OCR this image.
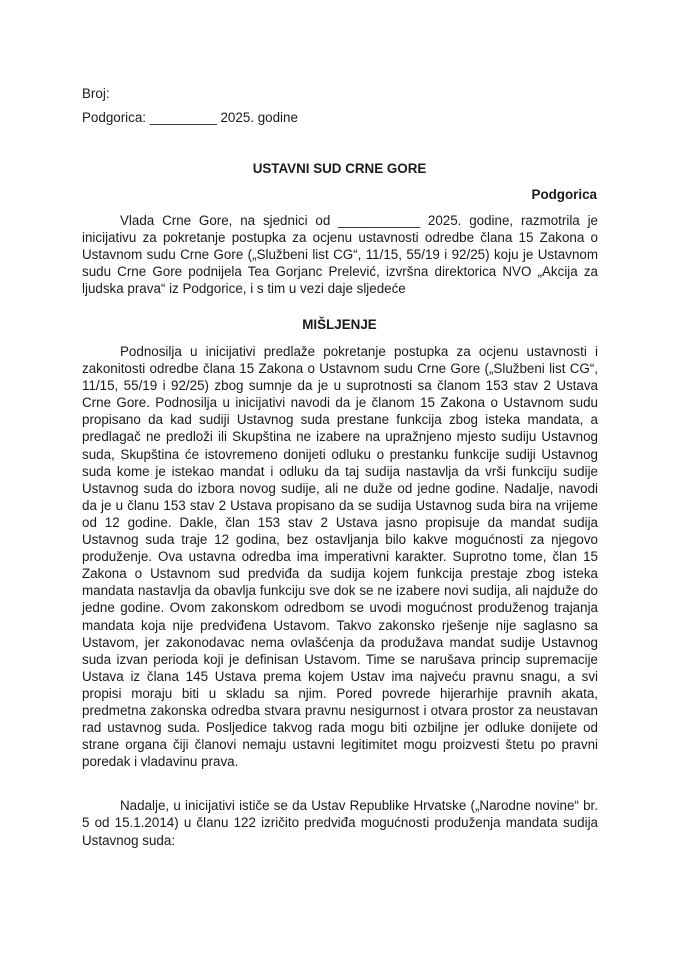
Broj:
Podgorica: _________ 2025. godine
USTAVNI SUD CRNE GORE
Podgorica
Vlada Crne Gore, na sjednici od ___________ 2025. godine, razmotrila je inicijativu za pokretanje postupka za ocjenu ustavnosti odredbe člana 15 Zakona o Ustavnom sudu Crne Gore („Službeni list CG“, 11/15, 55/19 i 92/25) koju je Ustavnom sudu Crne Gore podnijela Tea Gorjanc Prelević, izvršna direktorica NVO „Akcija za ljudska prava“ iz Podgorice, i s tim u vezi daje sljedeće
MIŠLJENJE
Podnosilja u inicijativi predlaže pokretanje postupka za ocjenu ustavnosti i zakonitosti odredbe člana 15 Zakona o Ustavnom sudu Crne Gore („Službeni list CG“, 11/15, 55/19 i 92/25) zbog sumnje da je u suprotnosti sa članom 153 stav 2 Ustava Crne Gore. Podnosilja u inicijativi navodi da je članom 15 Zakona o Ustavnom sudu propisano da kad sudiji Ustavnog suda prestane funkcija zbog isteka mandata, a predlagač ne predloži ili Skupština ne izabere na upražnjeno mjesto sudiju Ustavnog suda, Skupština će istovremeno donijeti odluku o prestanku funkcije sudiji Ustavnog suda kome je istekao mandat i odluku da taj sudija nastavlja da vrši funkciju sudije Ustavnog suda do izbora novog sudije, ali ne duže od jedne godine. Nadalje, navodi da je u članu 153 stav 2 Ustava propisano da se sudija Ustavnog suda bira na vrijeme od 12 godine. Dakle, član 153 stav 2 Ustava jasno propisuje da mandat sudija Ustavnog suda traje 12 godina, bez ostavljanja bilo kakve mogućnosti za njegovo produženje. Ova ustavna odredba ima imperativni karakter. Suprotno tome, član 15 Zakona o Ustavnom sud predviđa da sudija kojem funkcija prestaje zbog isteka mandata nastavlja da obavlja funkciju sve dok se ne izabere novi sudija, ali najduže do jedne godine. Ovom zakonskom odredbom se uvodi mogućnost produženog trajanja mandata koja nije predviđena Ustavom. Takvo zakonsko rješenje nije saglasno sa Ustavom, jer zakonodavac nema ovlašćenja da produžava mandat sudije Ustavnog suda izvan perioda koji je definisan Ustavom. Time se narušava princip supremacije Ustava iz člana 145 Ustava prema kojem Ustav ima najveću pravnu snagu, a svi propisi moraju biti u skladu sa njim. Pored povrede hijerarhije pravnih akata, predmetna zakonska odredba stvara pravnu nesigurnost i otvara prostor za neustavan rad ustavnog suda. Posljedice takvog rada mogu biti ozbiljne jer odluke donijete od strane organa čiji članovi nemaju ustavni legitimitet mogu proizvesti štetu po pravni poredak i vladavinu prava.
Nadalje, u inicijativi ističe se da Ustav Republike Hrvatske („Narodne novine“ br. 5 od 15.1.2014) u članu 122 izričito predviđa mogućnosti produženja mandata sudija Ustavnog suda:
